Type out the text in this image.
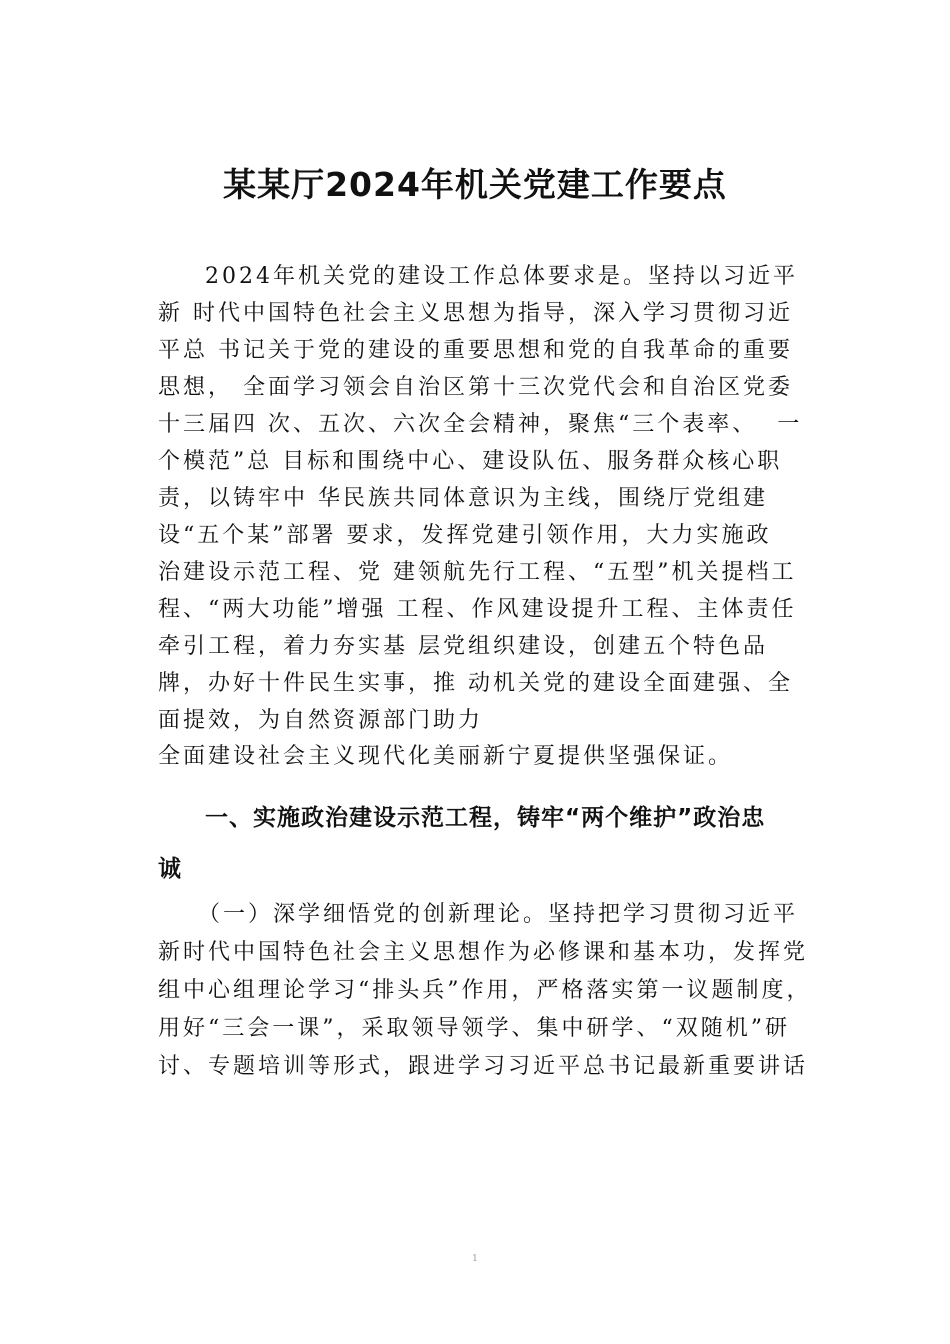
某某厅2024年机关党建工作要点
2024年机关党的建设工作总体要求是。坚持以习近平
新 时代中国特色社会主义思想为指导，深入学习贯彻习近
平总 书记关于党的建设的重要思想和党的自我革命的重要
思想， 全面学习领会自治区第十三次党代会和自治区党委
十三届四 次、五次、六次全会精神，聚焦“三个表率、  一
个模范”总 目标和围绕中心、建设队伍、服务群众核心职
责，以铸牢中 华民族共同体意识为主线，围绕厅党组建
设“五个某”部署 要求，发挥党建引领作用，大力实施政
治建设示范工程、党 建领航先行工程、“五型”机关提档工
程、“两大功能”增强 工程、作风建设提升工程、主体责任
牵引工程，着力夯实基 层党组织建设，创建五个特色品
牌，办好十件民生实事，推 动机关党的建设全面建强、全
面提效，为自然资源部门助力
全面建设社会主义现代化美丽新宁夏提供坚强保证。
一、实施政治建设示范工程，铸牢“两个维护”政治忠
诚
（一）深学细悟党的创新理论。坚持把学习贯彻习近平
新时代中国特色社会主义思想作为必修课和基本功，发挥党
组中心组理论学习“排头兵”作用，严格落实第一议题制度，
用好“三会一课”，采取领导领学、集中研学、“双随机”研
讨、专题培训等形式，跟进学习习近平总书记最新重要讲话
1
